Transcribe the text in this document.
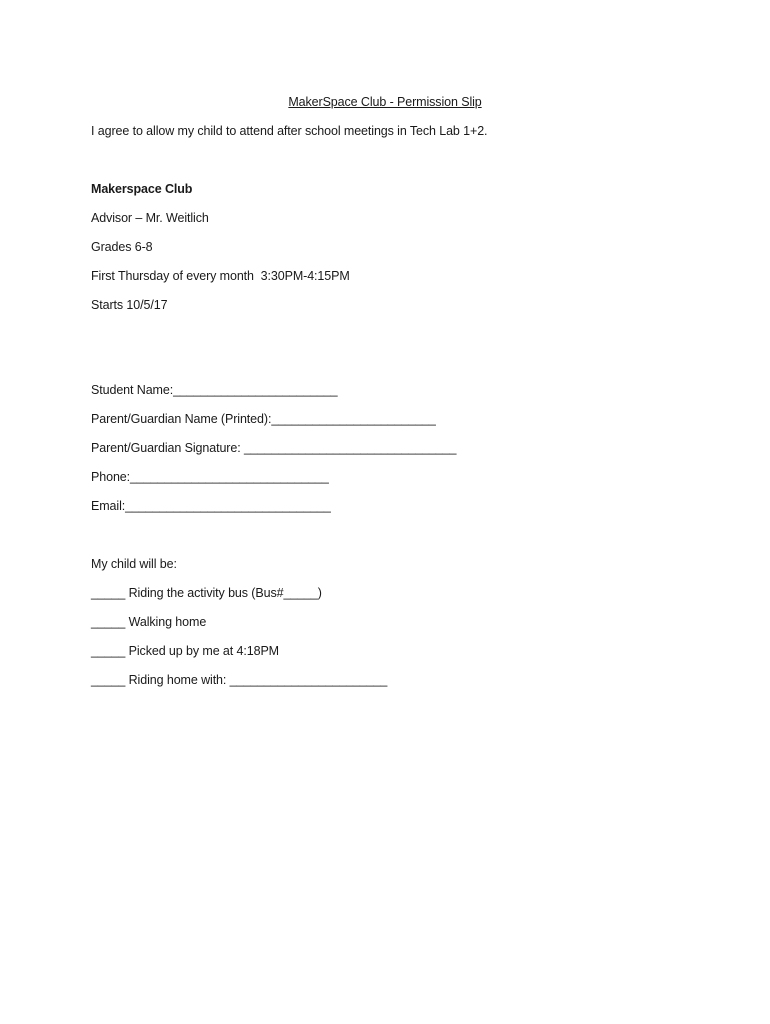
MakerSpace Club - Permission Slip
I agree to allow my child to attend after school meetings in Tech Lab 1+2.
Makerspace Club
Advisor – Mr. Weitlich
Grades 6-8
First Thursday of every month  3:30PM-4:15PM
Starts 10/5/17
Student Name:________________________
Parent/Guardian Name (Printed):________________________
Parent/Guardian Signature: _______________________________
Phone:_____________________________
Email:______________________________
My child will be:
_____ Riding the activity bus (Bus#_____)
_____ Walking home
_____ Picked up by me at 4:18PM
_____ Riding home with: _______________________
